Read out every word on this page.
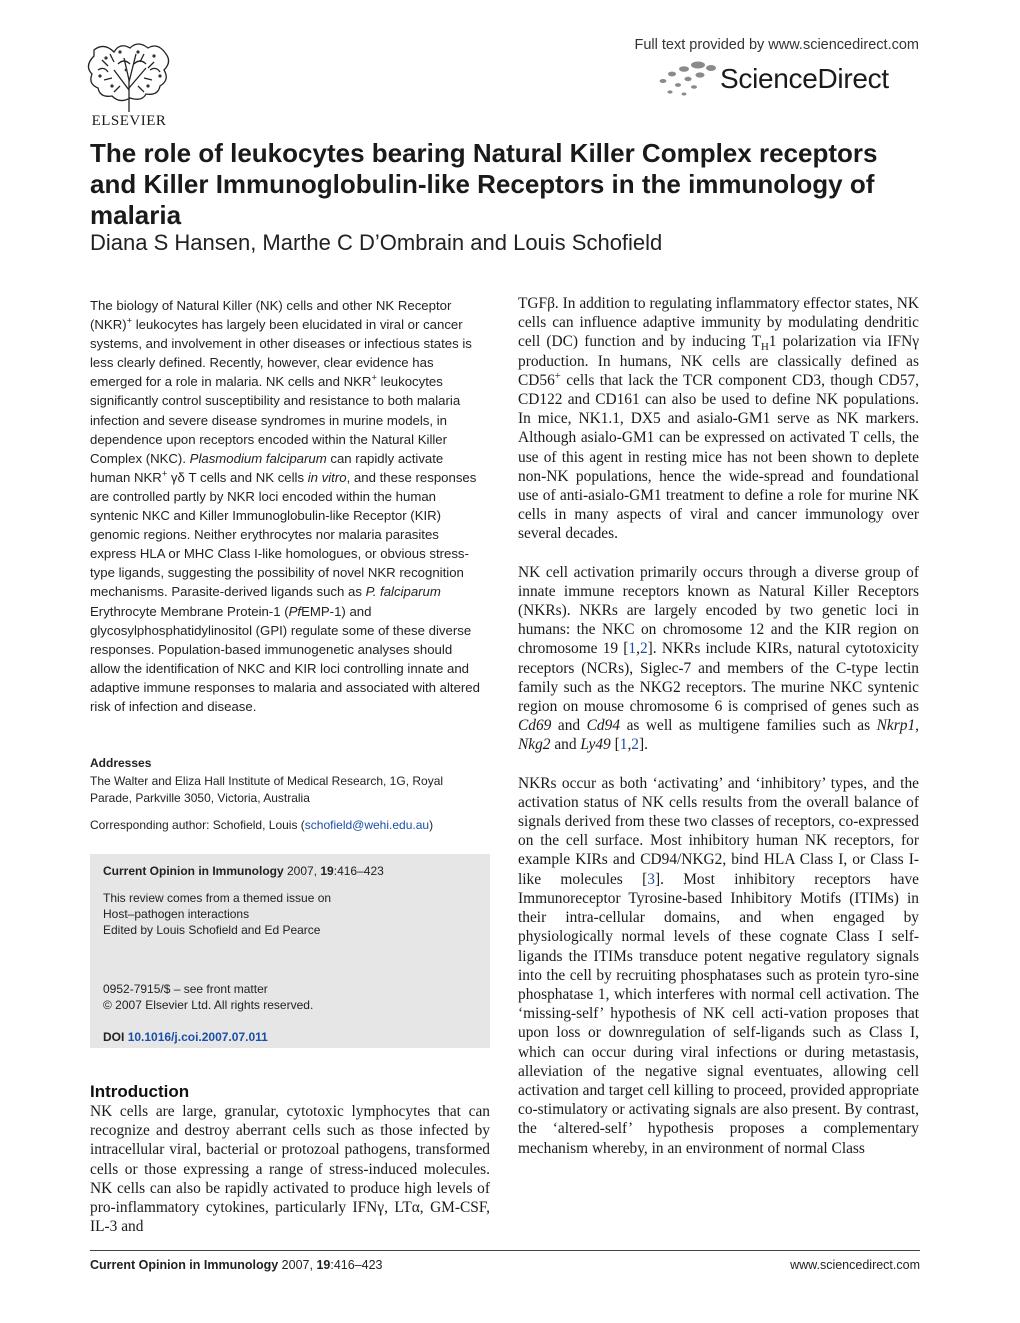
ELSEVIER
Full text provided by www.sciencedirect.com
ScienceDirect
The role of leukocytes bearing Natural Killer Complex receptors and Killer Immunoglobulin-like Receptors in the immunology of malaria
Diana S Hansen, Marthe C D’Ombrain and Louis Schofield
The biology of Natural Killer (NK) cells and other NK Receptor (NKR)+ leukocytes has largely been elucidated in viral or cancer systems, and involvement in other diseases or infectious states is less clearly defined. Recently, however, clear evidence has emerged for a role in malaria. NK cells and NKR+ leukocytes significantly control susceptibility and resistance to both malaria infection and severe disease syndromes in murine models, in dependence upon receptors encoded within the Natural Killer Complex (NKC). Plasmodium falciparum can rapidly activate human NKR+ γδ T cells and NK cells in vitro, and these responses are controlled partly by NKR loci encoded within the human syntenic NKC and Killer Immunoglobulin-like Receptor (KIR) genomic regions. Neither erythrocytes nor malaria parasites express HLA or MHC Class I-like homologues, or obvious stress-type ligands, suggesting the possibility of novel NKR recognition mechanisms. Parasite-derived ligands such as P. falciparum Erythrocyte Membrane Protein-1 (PfEMP-1) and glycosylphosphatidylinositol (GPI) regulate some of these diverse responses. Population-based immunogenetic analyses should allow the identification of NKC and KIR loci controlling innate and adaptive immune responses to malaria and associated with altered risk of infection and disease.
Addresses
The Walter and Eliza Hall Institute of Medical Research, 1G, Royal Parade, Parkville 3050, Victoria, Australia
Corresponding author: Schofield, Louis (schofield@wehi.edu.au)
Current Opinion in Immunology 2007, 19:416–423
This review comes from a themed issue on
Host–pathogen interactions
Edited by Louis Schofield and Ed Pearce
0952-7915/$ – see front matter
© 2007 Elsevier Ltd. All rights reserved.
DOI 10.1016/j.coi.2007.07.011
Introduction
NK cells are large, granular, cytotoxic lymphocytes that can recognize and destroy aberrant cells such as those infected by intracellular viral, bacterial or protozoal pathogens, transformed cells or those expressing a range of stress-induced molecules. NK cells can also be rapidly activated to produce high levels of pro-inflammatory cytokines, particularly IFNγ, LTα, GM-CSF, IL-3 and

TGFβ. In addition to regulating inflammatory effector states, NK cells can influence adaptive immunity by modulating dendritic cell (DC) function and by inducing $T_H1$ polarization via IFNγ production. In humans, NK cells are classically defined as CD56+ cells that lack the TCR component CD3, though CD57, CD122 and CD161 can also be used to define NK populations. In mice, NK1.1, DX5 and asialo-GM1 serve as NK markers. Although asialo-GM1 can be expressed on activated T cells, the use of this agent in resting mice has not been shown to deplete non-NK populations, hence the wide-spread and foundational use of anti-asialo-GM1 treatment to define a role for murine NK cells in many aspects of viral and cancer immunology over several decades.

NK cell activation primarily occurs through a diverse group of innate immune receptors known as Natural Killer Receptors (NKRs). NKRs are largely encoded by two genetic loci in humans: the NKC on chromosome 12 and the KIR region on chromosome 19 [1,2]. NKRs include KIRs, natural cytotoxicity receptors (NCRs), Siglec-7 and members of the C-type lectin family such as the NKG2 receptors. The murine NKC syntenic region on mouse chromosome 6 is comprised of genes such as Cd69 and Cd94 as well as multigene families such as Nkrp1, Nkg2 and Ly49 [1,2].

NKRs occur as both ‘activating’ and ‘inhibitory’ types, and the activation status of NK cells results from the overall balance of signals derived from these two classes of receptors, co-expressed on the cell surface. Most inhibitory human NK receptors, for example KIRs and CD94/NKG2, bind HLA Class I, or Class I-like molecules [3]. Most inhibitory receptors have Immunoreceptor Tyrosine-based Inhibitory Motifs (ITIMs) in their intra-cellular domains, and when engaged by physiologically normal levels of these cognate Class I self-ligands the ITIMs transduce potent negative regulatory signals into the cell by recruiting phosphatases such as protein tyro-sine phosphatase 1, which interferes with normal cell activation. The ‘missing-self’ hypothesis of NK cell acti-vation proposes that upon loss or downregulation of self-ligands such as Class I, which can occur during viral infections or during metastasis, alleviation of the negative signal eventuates, allowing cell activation and target cell killing to proceed, provided appropriate co-stimulatory or activating signals are also present. By contrast, the ‘altered-self’ hypothesis proposes a complementary mechanism whereby, in an environment of normal Class

Current Opinion in Immunology 2007, 19:416–423	www.sciencedirect.com
